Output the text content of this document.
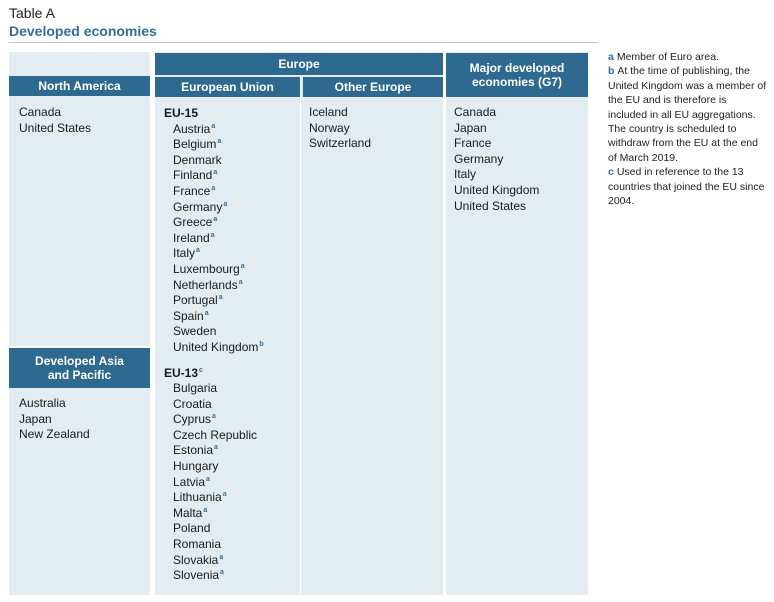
Table A
Developed economies
North America
Europe
European Union	Other Europe
Major developed economies (G7)
Developed Asia and Pacific
Canada
United States
Australia
Japan
New Zealand
EU-15
Austria$^a$
Belgium$^a$
Denmark
Finland$^a$
France$^a$
Germany$^a$
Greece$^a$
Ireland$^a$
Italy$^a$
Luxembourg$^a$
Netherlands$^a$
Portugal$^a$
Spain$^a$
Sweden
United Kingdom$^b$
EU-13$^c$
Bulgaria
Croatia
Cyprus$^a$
Czech Republic
Estonia$^a$
Hungary
Latvia$^a$
Lithuania$^a$
Malta$^a$
Poland
Romania
Slovakia$^a$
Slovenia$^a$
Iceland
Norway
Switzerland
Canada
Japan
France
Germany
Italy
United Kingdom
United States
a Member of Euro area.
b At the time of publishing, the United Kingdom was a member of the EU and is therefore is included in all EU aggregations. The country is scheduled to withdraw from the EU at the end of March 2019.
c Used in reference to the 13 countries that joined the EU since 2004.
